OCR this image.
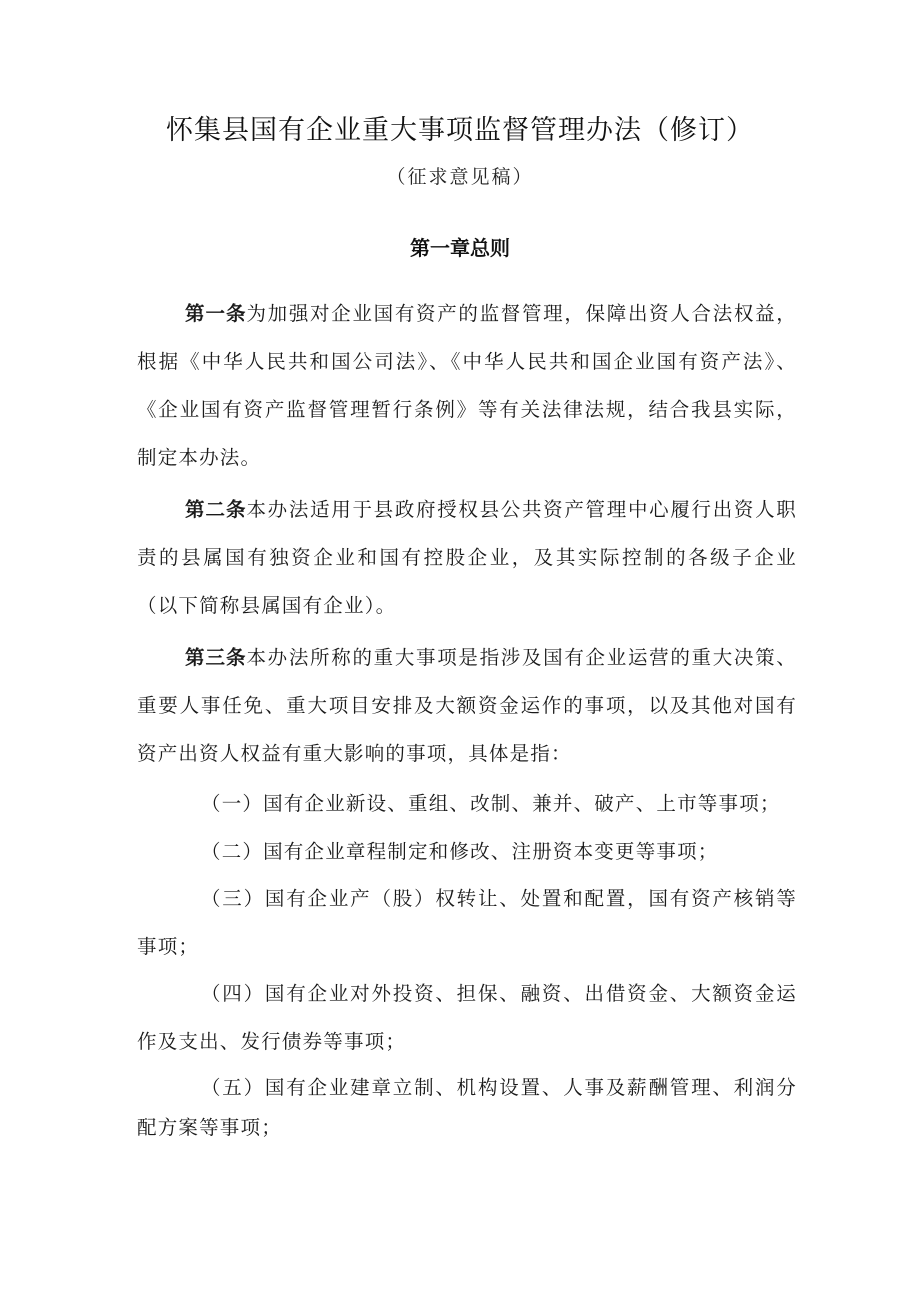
怀集县国有企业重大事项监督管理办法（修订）
（征求意见稿）
第一章总则
第一条为加强对企业国有资产的监督管理，保障出资人合法权益，根据《中华人民共和国公司法》、《中华人民共和国企业国有资产法》、《企业国有资产监督管理暂行条例》等有关法律法规，结合我县实际，制定本办法。
第二条本办法适用于县政府授权县公共资产管理中心履行出资人职责的县属国有独资企业和国有控股企业，及其实际控制的各级子企业（以下简称县属国有企业）。
第三条本办法所称的重大事项是指涉及国有企业运营的重大决策、重要人事任免、重大项目安排及大额资金运作的事项，以及其他对国有资产出资人权益有重大影响的事项，具体是指：
（一）国有企业新设、重组、改制、兼并、破产、上市等事项；
（二）国有企业章程制定和修改、注册资本变更等事项；
（三）国有企业产（股）权转让、处置和配置，国有资产核销等事项；
（四）国有企业对外投资、担保、融资、出借资金、大额资金运作及支出、发行债券等事项；
（五）国有企业建章立制、机构设置、人事及薪酬管理、利润分配方案等事项；
